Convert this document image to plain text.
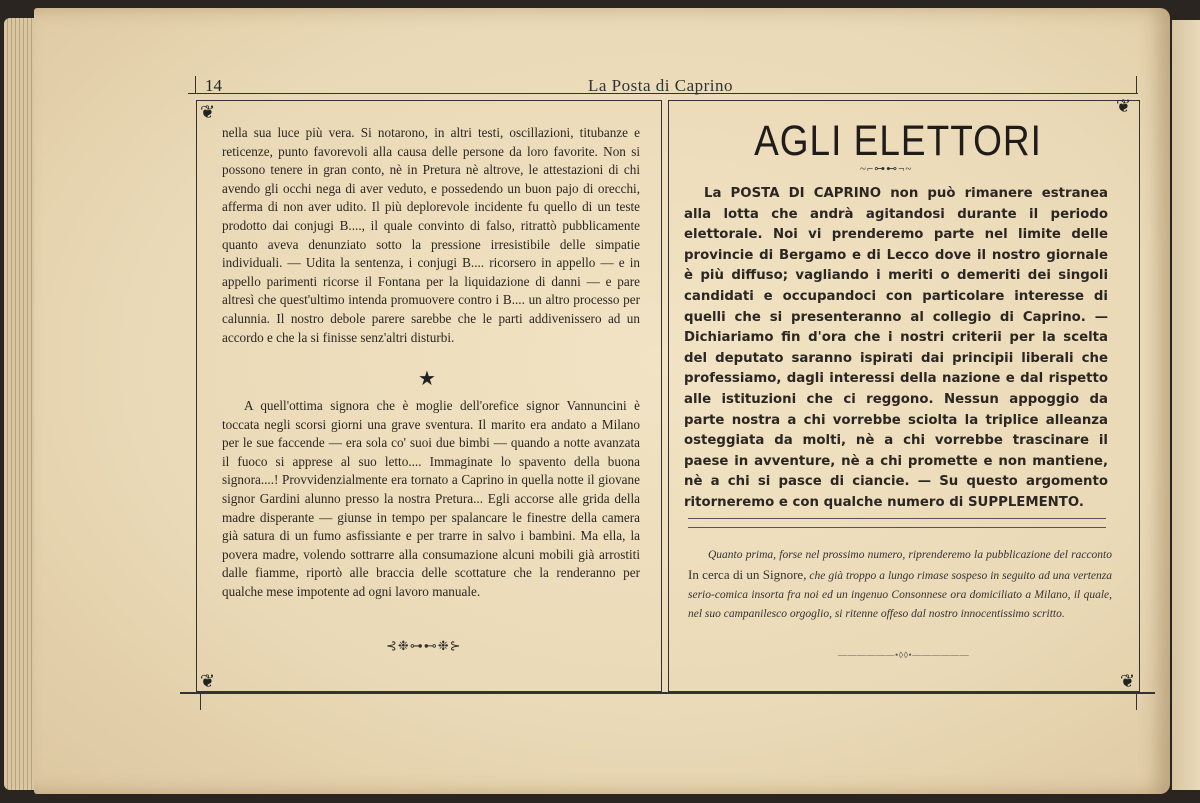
14	La Posta di Caprino
❦	❦
❦	❦

nella sua luce più vera. Si notarono, in altri testi, oscillazioni, titubanze e reticenze, punto favorevoli alla causa delle persone da loro favorite. Non si possono tenere in gran conto, nè in Pretura nè altrove, le attestazioni di chi avendo gli occhi nega di aver veduto, e possedendo un buon pajo di orecchi, afferma di non aver udito. Il più deplorevole incidente fu quello di un teste prodotto dai conjugi B...., il quale convinto di falso, ritrattò pubblicamente quanto aveva denunziato sotto la pressione irresistibile delle simpatie individuali. — Udita la sentenza, i conjugi B.... ricorsero in appello — e in appello parimenti ricorse il Fontana per la liquidazione di danni — e pare altresì che quest'ultimo intenda promuovere contro i B.... un altro processo per calunnia. Il nostro debole parere sarebbe che le parti addivenissero ad un accordo e che la si finisse senz'altri disturbi.

★

A quell'ottima signora che è moglie dell'orefice signor Vannuncini è toccata negli scorsi giorni una grave sventura. Il marito era andato a Milano per le sue faccende — era sola co' suoi due bimbi — quando a notte avanzata il fuoco si apprese al suo letto.... Immaginate lo spavento della buona signora....! Provvidenzialmente era tornato a Caprino in quella notte il giovane signor Gardini alunno presso la nostra Pretura... Egli accorse alle grida della madre disperante — giunse in tempo per spalancare le finestre della camera già satura di un fumo asfissiante e per trarre in salvo i bambini. Ma ella, la povera madre, volendo sottrarre alla consumazione alcuni mobili già arrostiti dalle fiamme, riportò alle braccia delle scottature che la renderanno per qualche mese impotente ad ogni lavoro manuale.

⊰❉⊶⊷❉⊱
AGLI ELETTORI
~⌐⊶⊷¬~

La POSTA DI CAPRINO non può rimanere estranea alla lotta che andrà agitandosi durante il periodo elettorale. Noi vi prenderemo parte nel limite delle provincie di Bergamo e di Lecco dove il nostro giornale è più diffuso; vagliando i meriti o demeriti dei singoli candidati e occupandoci con particolare interesse di quelli che si presenteranno al collegio di Caprino. — Dichiariamo fin d'ora che i nostri criterii per la scelta del deputato saranno ispirati dai principii liberali che professiamo, dagli interessi della nazione e dal rispetto alle istituzioni che ci reggono. Nessun appoggio da parte nostra a chi vorrebbe sciolta la triplice alleanza osteggiata da molti, nè a chi vorrebbe trascinare il paese in avventure, nè a chi promette e non mantiene, nè a chi si pasce di ciancie. — Su questo argomento ritorneremo e con qualche numero di SUPPLEMENTO.

Quanto prima, forse nel prossimo numero, riprenderemo la pubblicazione del racconto In cerca di un Signore, che già troppo a lungo rimase sospeso in seguito ad una vertenza serio-comica insorta fra noi ed un ingenuo Consonnese ora domiciliato a Milano, il quale, nel suo campanilesco orgoglio, si ritenne offeso dal nostro innocentissimo scritto.

——————•◊◊•——————
